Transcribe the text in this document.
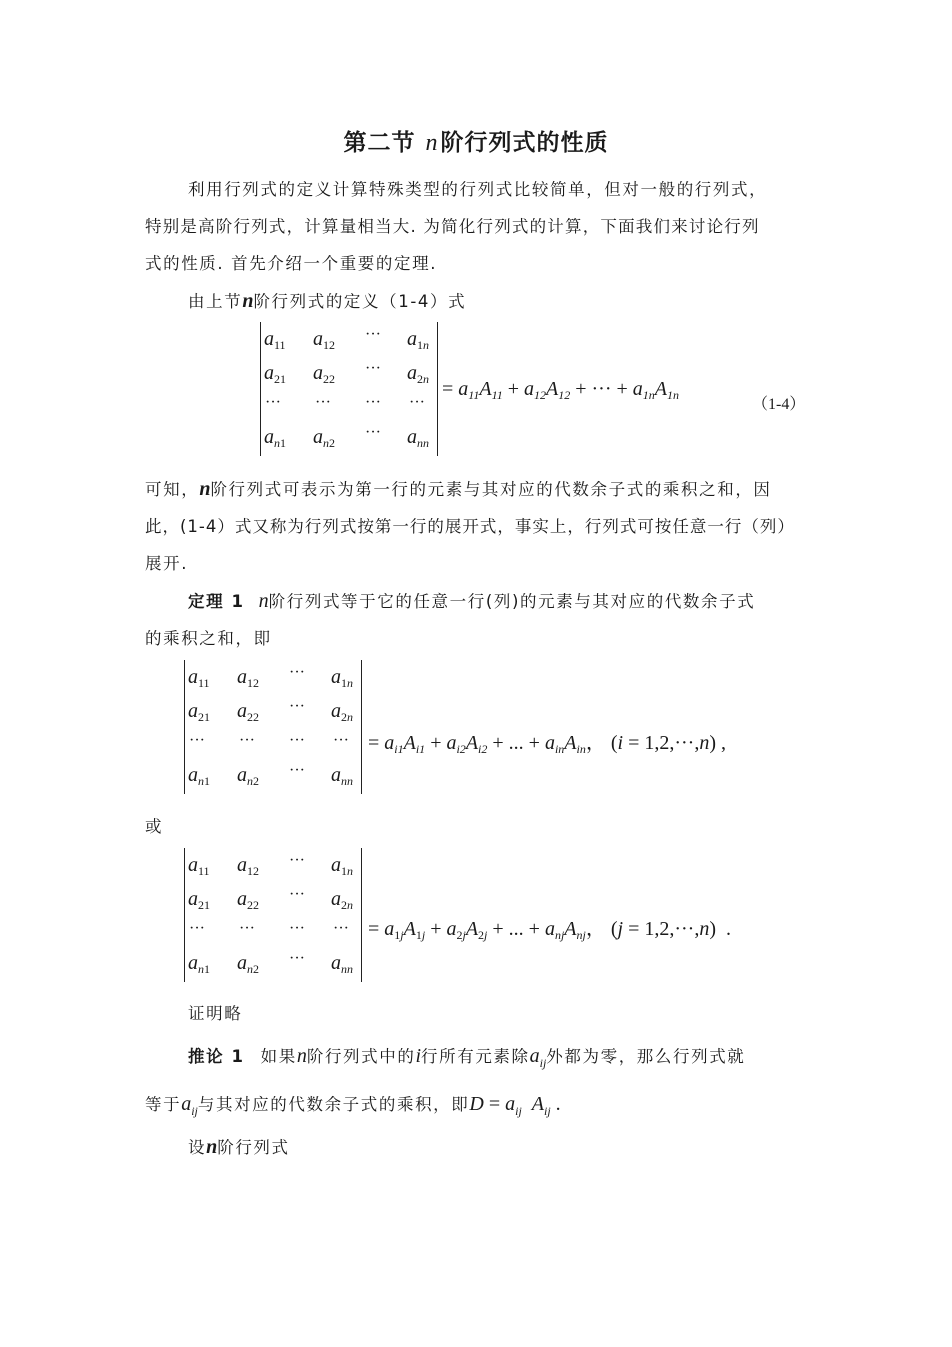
第二节 n阶行列式的性质
利用行列式的定义计算特殊类型的行列式比较简单，但对一般的行列式，
特别是高阶行列式，计算量相当大. 为简化行列式的计算，下面我们来讨论行列
式的性质. 首先介绍一个重要的定理.
由上节n阶行列式的定义（1-4）式
$a_{11}$ $a_{12}$
··· $a_{1n}$
$a_{21}$ $a_{22}$
··· $a_{2n}$
··· ··· ··· ···
$a_{n1}$ $a_{n2}$
··· $a_{nn}$
= $a_{11}A_{11} + a_{12}A_{12}$ + ··· + $a_{1n}A_{1n}$
（1-4）
可知，n阶行列式可表示为第一行的元素与其对应的代数余子式的乘积之和，因
此，(1-4）式又称为行列式按第一行的展开式，事实上，行列式可按任意一行（列）
展开.
定理 1 n阶行列式等于它的任意一行(列)的元素与其对应的代数余子式
的乘积之和，即
$a_{11}$ $a_{12}$
··· $a_{1n}$
$a_{21}$ $a_{22}$
··· $a_{2n}$
··· ··· ··· ···
$a_{n1}$ $a_{n2}$
··· $a_{nn}$
= $a_{i1}A_{i1} + a_{i2}A_{i2}$ + ... + $a_{in}A_{in}$， (i = 1,2,···,n) ,
或
$a_{11}$ $a_{12}$
··· $a_{1n}$
$a_{21}$ $a_{22}$
··· $a_{2n}$
··· ··· ··· ···
$a_{n1}$ $a_{n2}$
··· $a_{nn}$
= $a_{1j}A_{1j} + a_{2j}A_{2j}$ + ... + $a_{nj}A_{nj}$， (j = 1,2,···,n)  .
证明略
推论 1 如果n阶行列式中的i行所有元素除$a_{ij}$外都为零，那么行列式就
等于$a_{ij}$与其对应的代数余子式的乘积，即$D = a_{ij}$  $A_{ij}$ .
设n阶行列式
